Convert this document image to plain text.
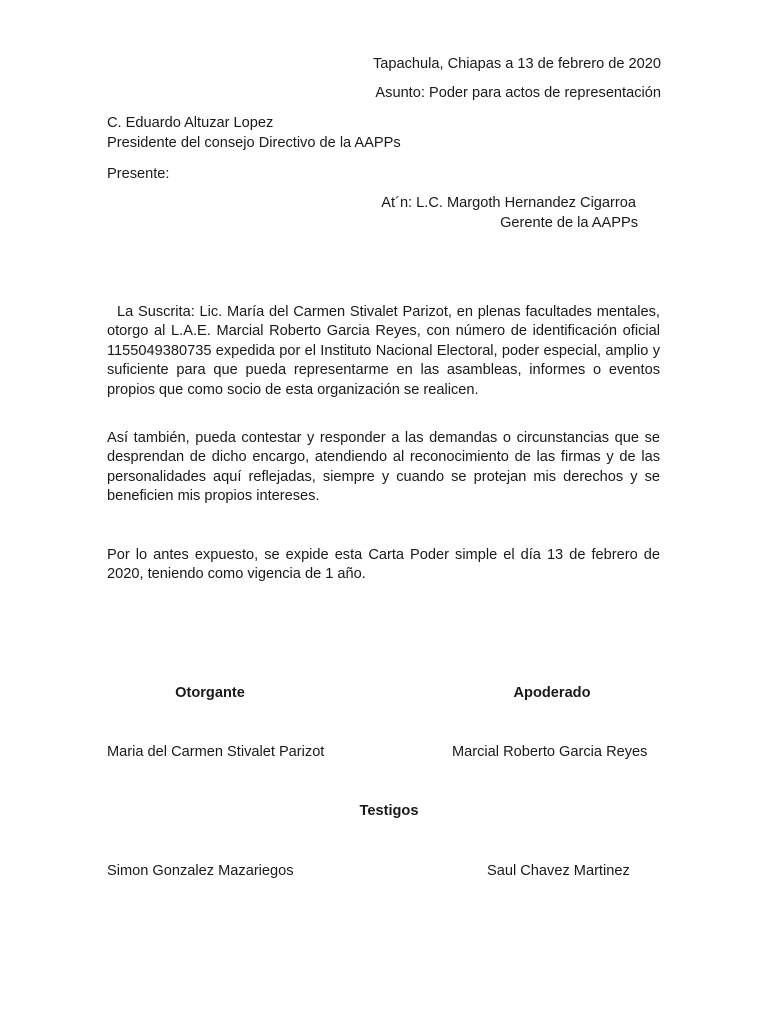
Tapachula, Chiapas a 13 de febrero de 2020
Asunto: Poder para actos de representación
C. Eduardo Altuzar Lopez
Presidente del consejo Directivo de la AAPPs
Presente:
At´n: L.C. Margoth Hernandez Cigarroa
Gerente de la AAPPs

La Suscrita: Lic. María del Carmen Stivalet Parizot, en plenas facultades mentales, otorgo al L.A.E. Marcial Roberto Garcia Reyes, con número de identificación oficial 1155049380735 expedida por el Instituto Nacional Electoral, poder especial, amplio y suficiente para que pueda representarme en las asambleas, informes o eventos propios que como socio de esta organización se realicen.

Así también, pueda contestar y responder a las demandas o circunstancias que se desprendan de dicho encargo, atendiendo al reconocimiento de las firmas y de las personalidades aquí reflejadas, siempre y cuando se protejan mis derechos y se beneficien mis propios intereses.

Por lo antes expuesto, se expide esta Carta Poder simple el día 13 de febrero de 2020, teniendo como vigencia de 1 año.

Otorgante	Apoderado
Maria del Carmen Stivalet Parizot	Marcial Roberto Garcia Reyes
Testigos
Simon Gonzalez Mazariegos	Saul Chavez Martinez
